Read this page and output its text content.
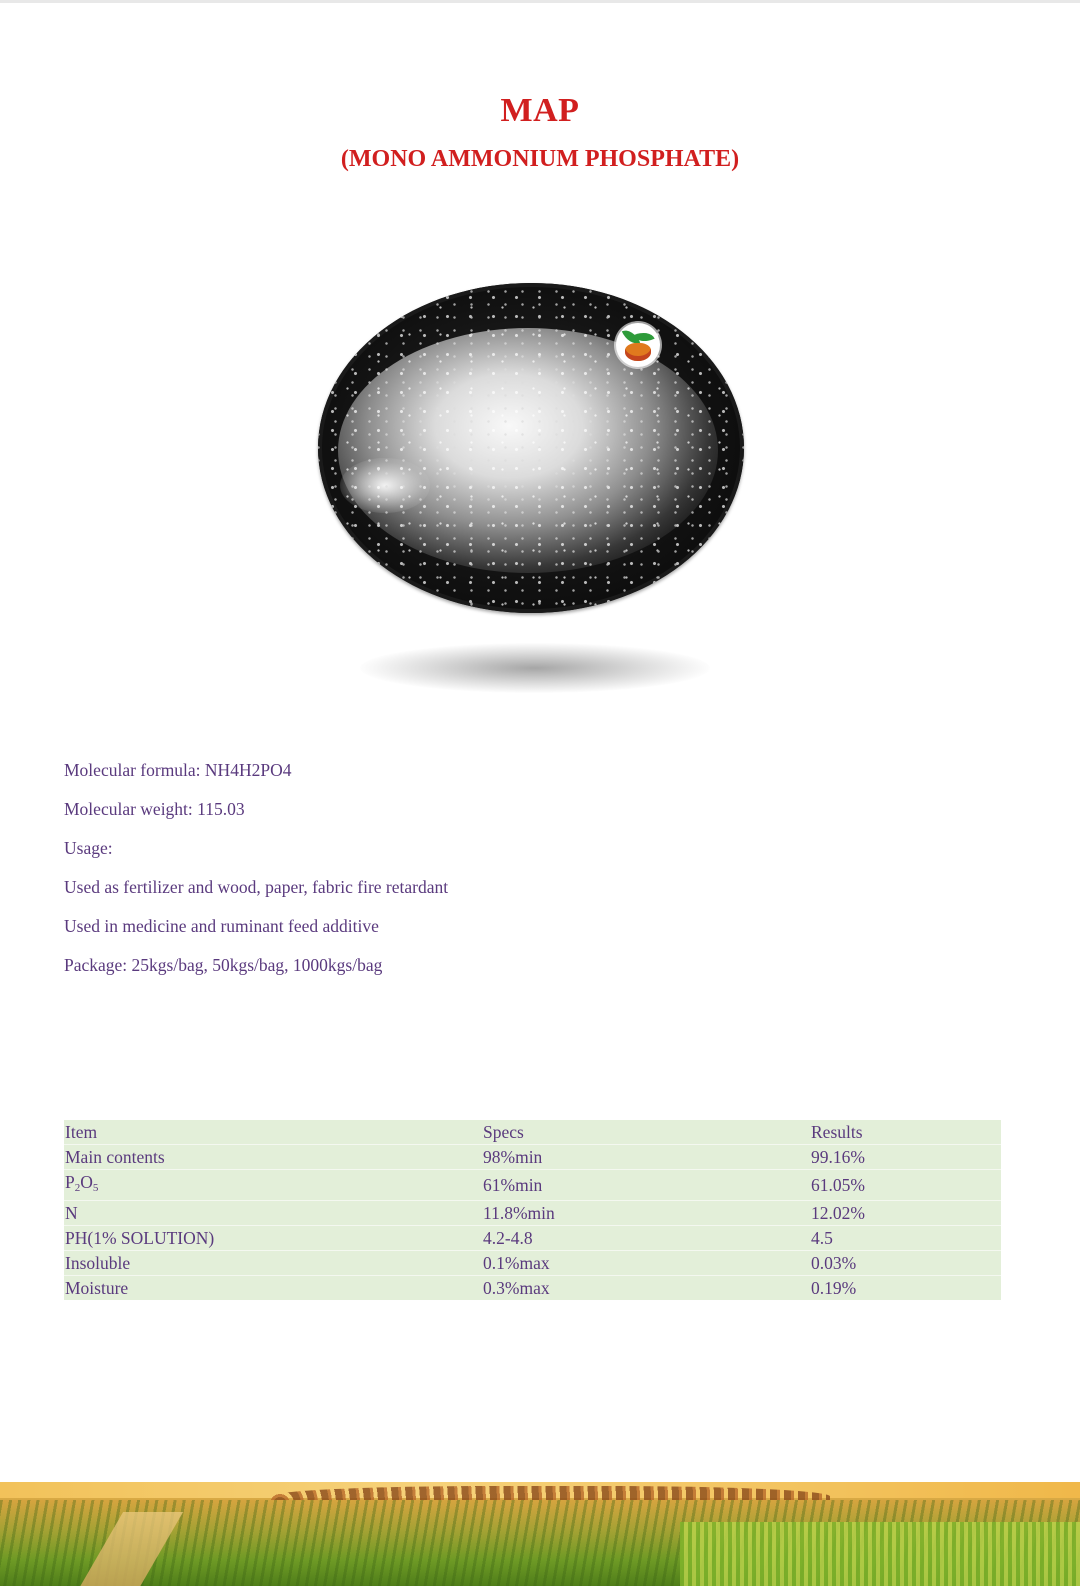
MAP
(MONO AMMONIUM PHOSPHATE)
Molecular formula: NH4H2PO4
Molecular weight: 115.03
Usage:
Used as fertilizer and wood, paper, fabric fire retardant
Used in medicine and ruminant feed additive
Package: 25kgs/bag, 50kgs/bag, 1000kgs/bag
Item	Specs	Results
Main contents	98%min	99.16%
$P_2O_5$	61%min	61.05%
N	11.8%min	12.02%
PH(1% SOLUTION)	4.2-4.8	4.5
Insoluble	0.1%max	0.03%
Moisture	0.3%max	0.19%
